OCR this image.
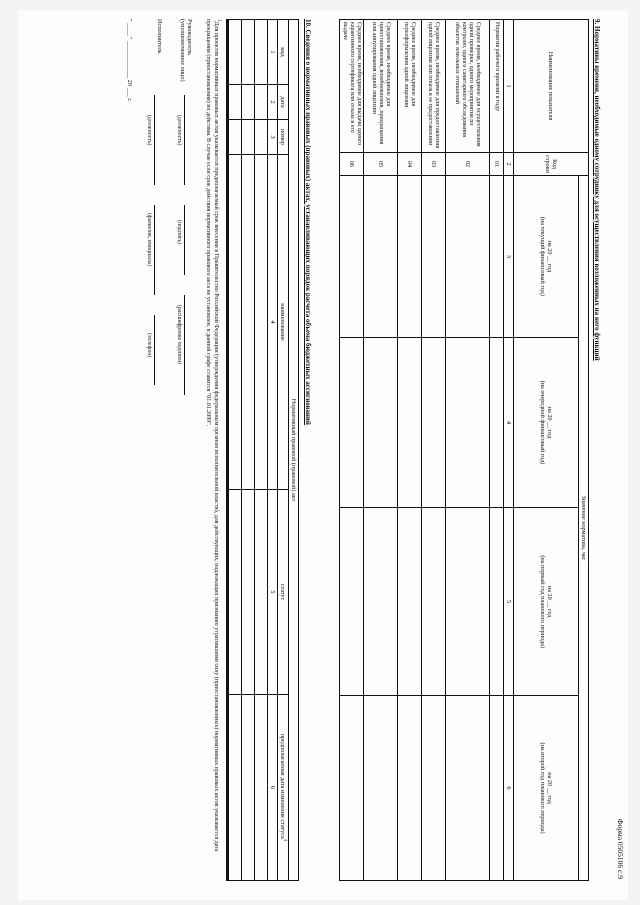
Форма 0505106 с.9
9. Нормативы времени, необходимые одному сотруднику для осуществления возложенных на него функций
Наименование показателя	Код строки	Значение норматива, час			
		на 20 __ год
(на текущий финансовый год)	на 20 __ год
(на очередной финансовый год)	на 20 __ год
(на первый год планового периода)	на 20 __ год
(на второй год планового периода)
1	2	3	4	5	6
Норматив рабочего времени в году	01				
Среднее время, необходимое для осуществления одной проверки, одного мероприятия по контролю, одного санитарного обследования объектов земельных отношений	02				
Среднее время, необходимое для предоставления одной лицензии или отказа в ее предоставлении	03				
Среднее время, необходимое для переоформления одной лицензии	04				
Среднее время, необходимое для приостановления, возобновления, прекращения или аннулирования одной лицензии	05				
Среднее время, необходимое для выдачи одного карантинного сертификата или отказа в его выдаче	06				
10. Сведения о нормативных правовых (правовых) актах, устанавливающих порядок расчета объема бюджетных ассигнований
Нормативный правовой (правовой) акт					
вид	дата	номер	наименование	статус	предполагаемая дата изменения статуса$^1$
1	2	3	4	5	6

$^1$Для проектов нормативных правовых актов указывается предполагаемый срок внесения в Правительство Российской Федерации (утверждения федеральным органом исполнительной власти), для действующих, подлежащих признанию утратившими силу (приостановленных) нормативных правовых актов указывается дата прекращения (приостановления) их действия. В случае если срок действия нормативного правового акта не установлен, в данной графе ставится "01.01.2099".
Руководитель
(уполномоченное лицо)
(должность)
(подпись)
(расшифровка подписи)
Исполнитель
(должность)
(фамилия, инициалы)
(телефон)
" ____ " ____________ 20 ___ г.
